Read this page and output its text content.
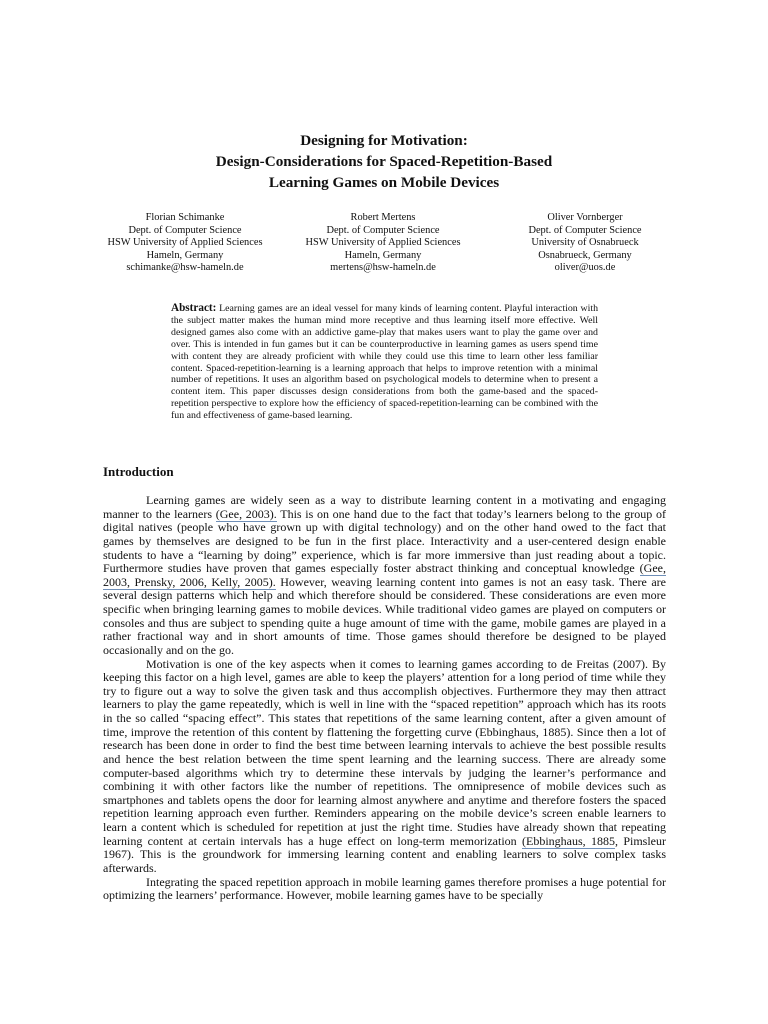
Designing for Motivation:
Design-Considerations for Spaced-Repetition-Based
Learning Games on Mobile Devices
Florian Schimanke
Dept. of Computer Science
HSW University of Applied Sciences
Hameln, Germany
schimanke@hsw-hameln.de
Robert Mertens
Dept. of Computer Science
HSW University of Applied Sciences
Hameln, Germany
mertens@hsw-hameln.de
Oliver Vornberger
Dept. of Computer Science
University of Osnabrueck
Osnabrueck, Germany
oliver@uos.de
Abstract: Learning games are an ideal vessel for many kinds of learning content. Playful interaction with the subject matter makes the human mind more receptive and thus learning itself more effective. Well designed games also come with an addictive game-play that makes users want to play the game over and over. This is intended in fun games but it can be counterproductive in learning games as users spend time with content they are already proficient with while they could use this time to learn other less familiar content. Spaced-repetition-learning is a learning approach that helps to improve retention with a minimal number of repetitions. It uses an algorithm based on psychological models to determine when to present a content item. This paper discusses design considerations from both the game-based and the spaced-repetition perspective to explore how the efficiency of spaced-repetition-learning can be combined with the fun and effectiveness of game-based learning.
Introduction

Learning games are widely seen as a way to distribute learning content in a motivating and engaging manner to the learners (Gee, 2003). This is on one hand due to the fact that today’s learners belong to the group of digital natives (people who have grown up with digital technology) and on the other hand owed to the fact that games by themselves are designed to be fun in the first place. Interactivity and a user-centered design enable students to have a “learning by doing” experience, which is far more immersive than just reading about a topic. Furthermore studies have proven that games especially foster abstract thinking and conceptual knowledge (Gee, 2003, Prensky, 2006, Kelly, 2005). However, weaving learning content into games is not an easy task. There are several design patterns which help and which therefore should be considered. These considerations are even more specific when bringing learning games to mobile devices. While traditional video games are played on computers or consoles and thus are subject to spending quite a huge amount of time with the game, mobile games are played in a rather fractional way and in short amounts of time. Those games should therefore be designed to be played occasionally and on the go.

Motivation is one of the key aspects when it comes to learning games according to de Freitas (2007). By keeping this factor on a high level, games are able to keep the players’ attention for a long period of time while they try to figure out a way to solve the given task and thus accomplish objectives. Furthermore they may then attract learners to play the game repeatedly, which is well in line with the “spaced repetition” approach which has its roots in the so called “spacing effect”. This states that repetitions of the same learning content, after a given amount of time, improve the retention of this content by flattening the forgetting curve (Ebbinghaus, 1885). Since then a lot of research has been done in order to find the best time between learning intervals to achieve the best possible results and hence the best relation between the time spent learning and the learning success. There are already some computer-based algorithms which try to determine these intervals by judging the learner’s performance and combining it with other factors like the number of repetitions. The omnipresence of mobile devices such as smartphones and tablets opens the door for learning almost anywhere and anytime and therefore fosters the spaced repetition learning approach even further. Reminders appearing on the mobile device’s screen enable learners to learn a content which is scheduled for repetition at just the right time. Studies have already shown that repeating learning content at certain intervals has a huge effect on long-term memorization (Ebbinghaus, 1885, Pimsleur 1967). This is the groundwork for immersing learning content and enabling learners to solve complex tasks afterwards.

Integrating the spaced repetition approach in mobile learning games therefore promises a huge potential for optimizing the learners’ performance. However, mobile learning games have to be specially
